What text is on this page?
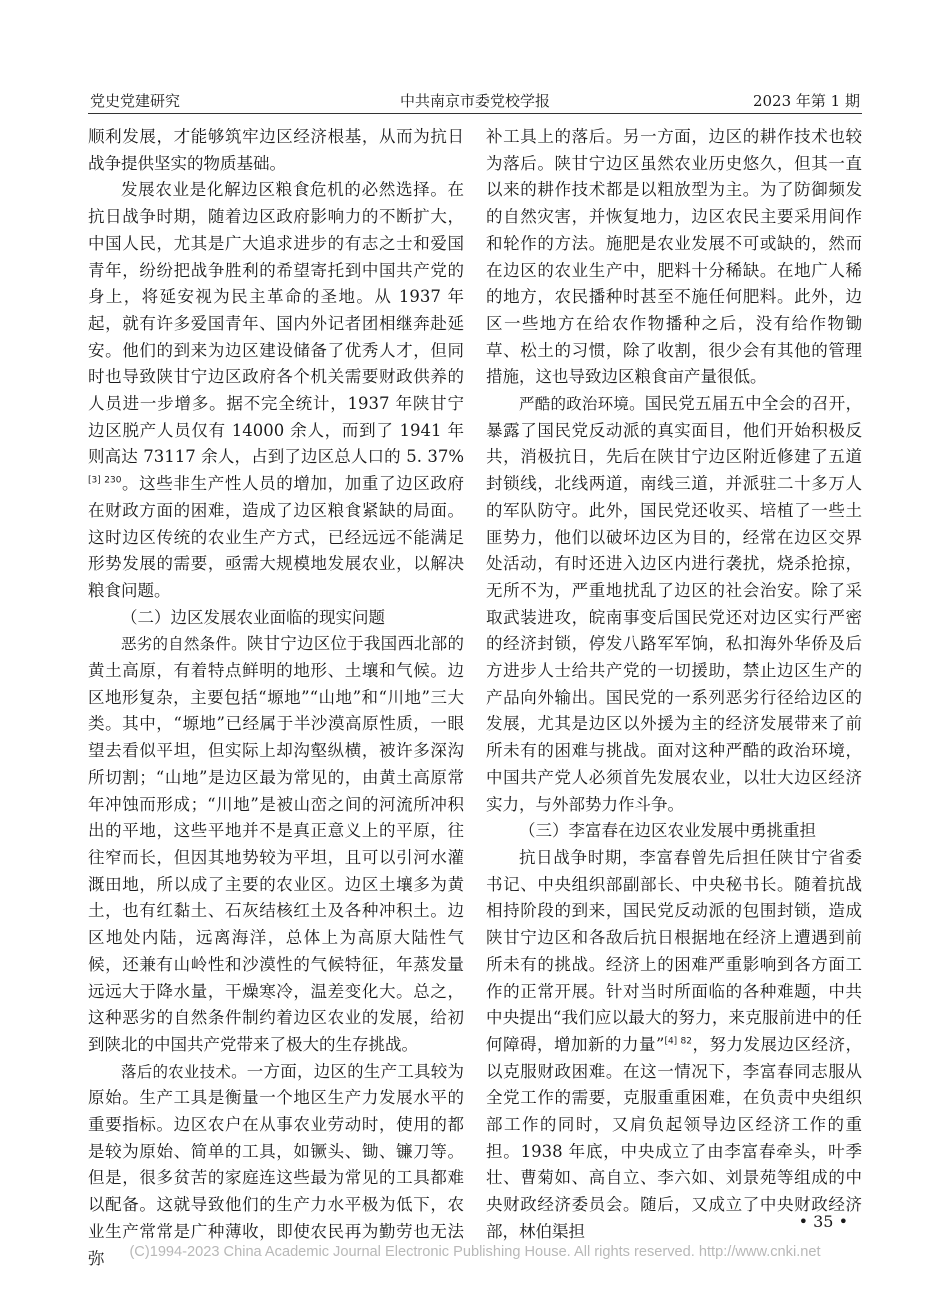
党史党建研究	中共南京市委党校学报	2023 年第 1 期

顺利发展，才能够筑牢边区经济根基，从而为抗日战争提供坚实的物质基础。

发展农业是化解边区粮食危机的必然选择。在抗日战争时期，随着边区政府影响力的不断扩大，中国人民，尤其是广大追求进步的有志之士和爱国青年，纷纷把战争胜利的希望寄托到中国共产党的身上，将延安视为民主革命的圣地。从 1937 年起，就有许多爱国青年、国内外记者团相继奔赴延安。他们的到来为边区建设储备了优秀人才，但同时也导致陕甘宁边区政府各个机关需要财政供养的人员进一步增多。据不完全统计，1937 年陕甘宁边区脱产人员仅有 14000 余人，而到了 1941 年则高达 73117 余人，占到了边区总人口的 5. 37%$^{[3] 230}$。这些非生产性人员的增加，加重了边区政府在财政方面的困难，造成了边区粮食紧缺的局面。这时边区传统的农业生产方式，已经远远不能满足形势发展的需要，亟需大规模地发展农业，以解决粮食问题。

（二）边区发展农业面临的现实问题

恶劣的自然条件。陕甘宁边区位于我国西北部的黄土高原，有着特点鲜明的地形、土壤和气候。边区地形复杂，主要包括“塬地”“山地”和“川地”三大类。其中，“塬地”已经属于半沙漠高原性质，一眼望去看似平坦，但实际上却沟壑纵横，被许多深沟所切割；“山地”是边区最为常见的，由黄土高原常年冲蚀而形成；“川地”是被山峦之间的河流所冲积出的平地，这些平地并不是真正意义上的平原，往往窄而长，但因其地势较为平坦，且可以引河水灌溉田地，所以成了主要的农业区。边区土壤多为黄土，也有红黏土、石灰结核红土及各种冲积土。边区地处内陆，远离海洋，总体上为高原大陆性气候，还兼有山岭性和沙漠性的气候特征，年蒸发量远远大于降水量，干燥寒冷，温差变化大。总之，这种恶劣的自然条件制约着边区农业的发展，给初到陕北的中国共产党带来了极大的生存挑战。

落后的农业技术。一方面，边区的生产工具较为原始。生产工具是衡量一个地区生产力发展水平的重要指标。边区农户在从事农业劳动时，使用的都是较为原始、简单的工具，如镢头、锄、镰刀等。但是，很多贫苦的家庭连这些最为常见的工具都难以配备。这就导致他们的生产力水平极为低下，农业生产常常是广种薄收，即使农民再为勤劳也无法弥

补工具上的落后。另一方面，边区的耕作技术也较为落后。陕甘宁边区虽然农业历史悠久，但其一直以来的耕作技术都是以粗放型为主。为了防御频发的自然灾害，并恢复地力，边区农民主要采用间作和轮作的方法。施肥是农业发展不可或缺的，然而在边区的农业生产中，肥料十分稀缺。在地广人稀的地方，农民播种时甚至不施任何肥料。此外，边区一些地方在给农作物播种之后，没有给作物锄草、松土的习惯，除了收割，很少会有其他的管理措施，这也导致边区粮食亩产量很低。

严酷的政治环境。国民党五届五中全会的召开，暴露了国民党反动派的真实面目，他们开始积极反共，消极抗日，先后在陕甘宁边区附近修建了五道封锁线，北线两道，南线三道，并派驻二十多万人的军队防守。此外，国民党还收买、培植了一些土匪势力，他们以破坏边区为目的，经常在边区交界处活动，有时还进入边区内进行袭扰，烧杀抢掠，无所不为，严重地扰乱了边区的社会治安。除了采取武装进攻，皖南事变后国民党还对边区实行严密的经济封锁，停发八路军军饷，私扣海外华侨及后方进步人士给共产党的一切援助，禁止边区生产的产品向外输出。国民党的一系列恶劣行径给边区的发展，尤其是边区以外援为主的经济发展带来了前所未有的困难与挑战。面对这种严酷的政治环境，中国共产党人必须首先发展农业，以壮大边区经济实力，与外部势力作斗争。

（三）李富春在边区农业发展中勇挑重担

抗日战争时期，李富春曾先后担任陕甘宁省委书记、中央组织部副部长、中央秘书长。随着抗战相持阶段的到来，国民党反动派的包围封锁，造成陕甘宁边区和各敌后抗日根据地在经济上遭遇到前所未有的挑战。经济上的困难严重影响到各方面工作的正常开展。针对当时所面临的各种难题，中共中央提出“我们应以最大的努力，来克服前进中的任何障碍，增加新的力量”$^{[4] 82}$，努力发展边区经济，以克服财政困难。在这一情况下，李富春同志服从全党工作的需要，克服重重困难，在负责中央组织部工作的同时，又肩负起领导边区经济工作的重担。1938 年底，中央成立了由李富春牵头，叶季壮、曹菊如、高自立、李六如、刘景苑等组成的中央财政经济委员会。随后，又成立了中央财政经济部，林伯渠担

• 35 •
(C)1994-2023 China Academic Journal Electronic Publishing House. All rights reserved. http://www.cnki.net
